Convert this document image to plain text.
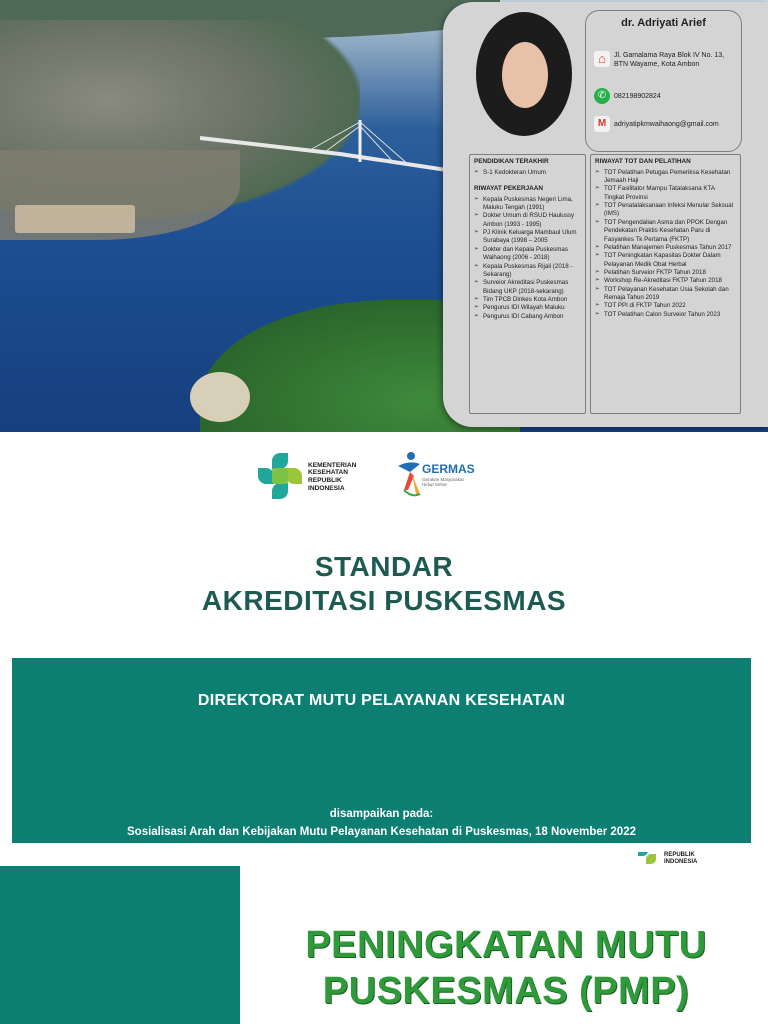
dr. Adriyati Arief
⌂	Jl. Gamalama Raya Blok IV No. 13, BTN Wayame, Kota Ambon
✆	082198902824
M	adriyatipkmwaihaong@gmail.com
PENDIDIKAN TERAKHIR
➢ S-1 Kedokteran Umum
RIWAYAT PEKERJAAN
➢ Kepala Puskesmas Negeri Lima, Maluku Tengah (1991)
➢ Dokter Umum di RSUD Haulussy Ambon (1993 - 1995)
➢ PJ Klinik Keluarga Mambaul Ulum Surabaya (1998 – 2005
➢ Dokter dan Kepala Puskesmas Waihaong (2006 - 2018)
➢ Kepala Puskesmas Rijali (2018 - Sekarang)
➢ Surveior Akreditasi Puskesmas Bidang UKP (2018-sekarang)
➢ Tim TPCB Dinkes Kota Ambon
➢ Pengurus IDI Wilayah Maluku
➢ Pengurus IDI Cabang Ambon
RIWAYAT TOT DAN PELATIHAN
➢ TOT Pelatihan Petugas Pemeriksa Kesehatan Jemaah Haji
➢ TOT Fasilitator Mampu Tatalaksana KTA Tingkat Provinsi
➢ TOT Penatalaksanaan Infeksi Menular Seksual (IMS)
➢ TOT Pengendalian Asma dan PPOK Dengan Pendekatan Praktis Kesehatan Paru di Fasyankes Tk Pertama (FKTP)
➢ Pelatihan Manajemen Puskesmas Tahun 2017
➢ TOT Peningkatan Kapasitas Dokter Dalam Pelayanan Medik Obat Herbal
➢ Pelatihan Surveior FKTP Tahun 2018
➢ Workshop Re-Akreditasi FKTP Tahun 2018
➢ TOT Pelayanan Kesehatan Usia Sekolah dan Remaja Tahun 2019
➢ TOT PPI di FKTP Tahun 2022
➢ TOT Pelatihan Calon Surveior Tahun 2023
KEMENTERIAN
KESEHATAN
REPUBLIK
INDONESIA
GERMAS
Gerakan Masyarakat Hidup Sehat
STANDAR
AKREDITASI PUSKESMAS
DIREKTORAT MUTU PELAYANAN KESEHATAN
disampaikan pada:
Sosialisasi Arah dan Kebijakan Mutu Pelayanan Kesehatan di Puskesmas, 18 November 2022
REPUBLIK
INDONESIA
PENINGKATAN MUTU
PUSKESMAS (PMP)
